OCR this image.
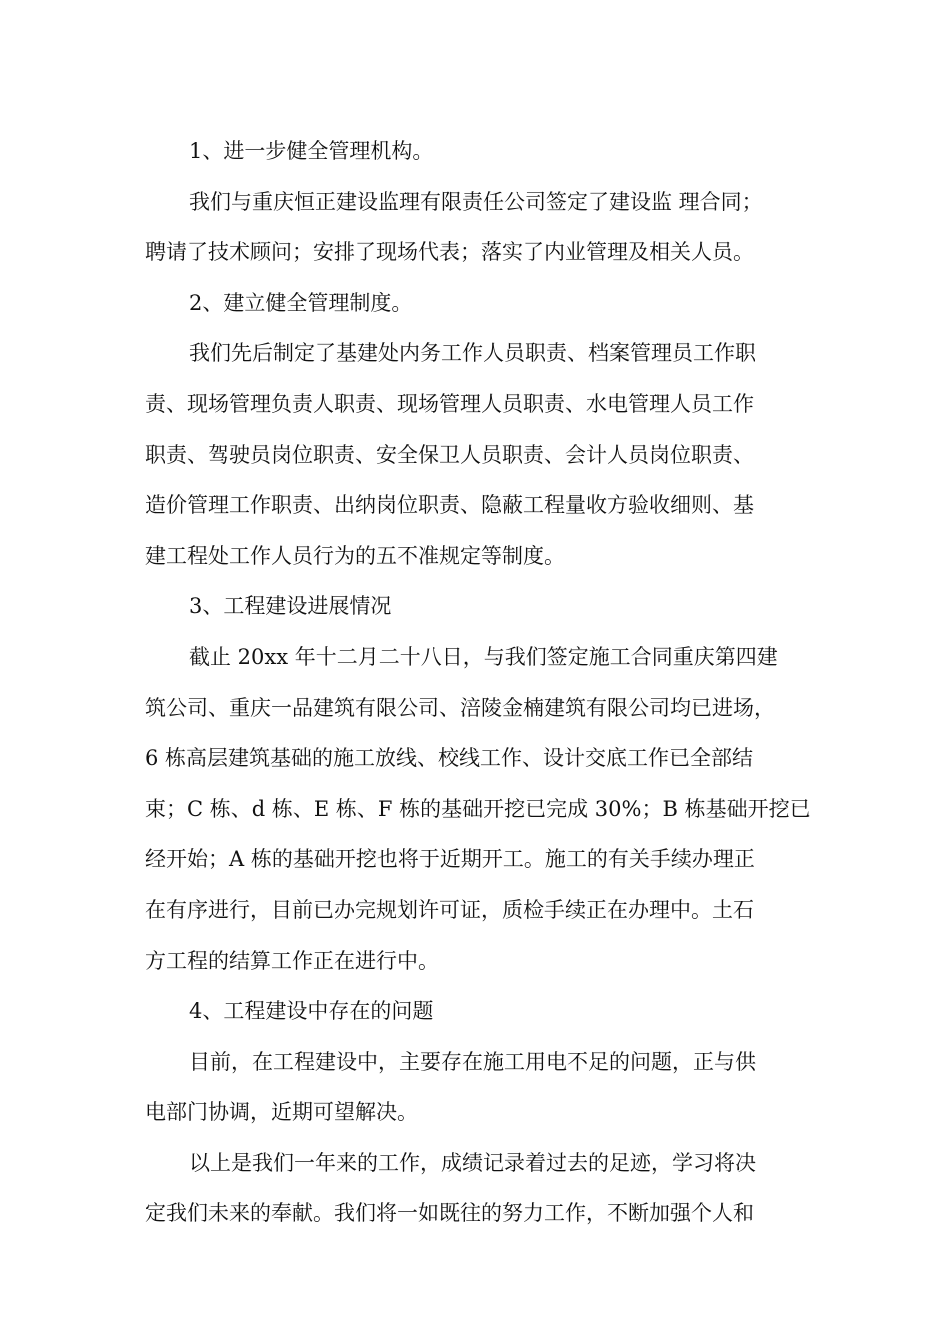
1、进一步健全管理机构。

我们与重庆恒正建设监理有限责任公司签定了建设监 理合同；
聘请了技术顾问；安排了现场代表；落实了内业管理及相关人员。

2、建立健全管理制度。

我们先后制定了基建处内务工作人员职责、档案管理员工作职
责、现场管理负责人职责、现场管理人员职责、水电管理人员工作
职责、驾驶员岗位职责、安全保卫人员职责、会计人员岗位职责、
造价管理工作职责、出纳岗位职责、隐蔽工程量收方验收细则、基
建工程处工作人员行为的五不准规定等制度。

3、工程建设进展情况

截止 20xx 年十二月二十八日，与我们签定施工合同重庆第四建
筑公司、重庆一品建筑有限公司、涪陵金楠建筑有限公司均已进场，
6 栋高层建筑基础的施工放线、校线工作、设计交底工作已全部结
束；C 栋、d 栋、E 栋、F 栋的基础开挖已完成 30%；B 栋基础开挖已
经开始；A 栋的基础开挖也将于近期开工。施工的有关手续办理正
在有序进行，目前已办完规划许可证，质检手续正在办理中。土石
方工程的结算工作正在进行中。

4、工程建设中存在的问题

目前，在工程建设中，主要存在施工用电不足的问题，正与供
电部门协调，近期可望解决。

以上是我们一年来的工作，成绩记录着过去的足迹，学习将决
定我们未来的奉献。我们将一如既往的努力工作，不断加强个人和
